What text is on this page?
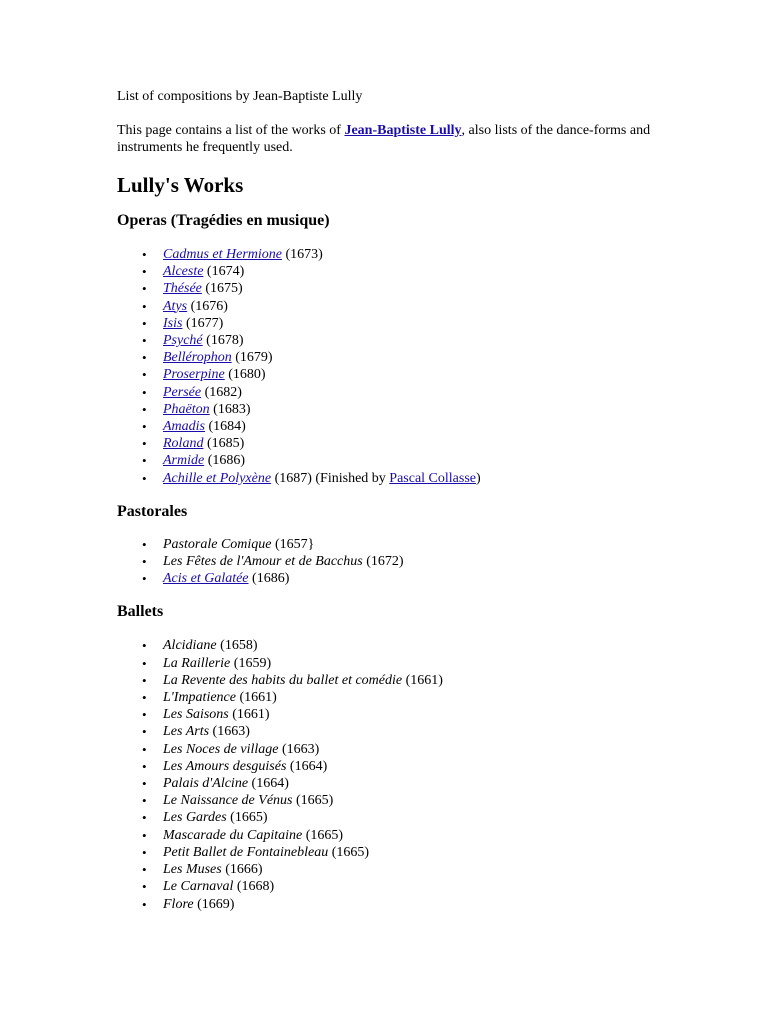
List of compositions by Jean-Baptiste Lully

This page contains a list of the works of Jean-Baptiste Lully, also lists of the dance-forms and instruments he frequently used.

Lully's Works
Operas (Tragédies en musique)
• Cadmus et Hermione (1673)
• Alceste (1674)
• Thésée (1675)
• Atys (1676)
• Isis (1677)
• Psyché (1678)
• Bellérophon (1679)
• Proserpine (1680)
• Persée (1682)
• Phaëton (1683)
• Amadis (1684)
• Roland (1685)
• Armide (1686)
• Achille et Polyxène (1687) (Finished by Pascal Collasse)
Pastorales
• Pastorale Comique (1657}
• Les Fêtes de l'Amour et de Bacchus (1672)
• Acis et Galatée (1686)
Ballets
• Alcidiane (1658)
• La Raillerie (1659)
• La Revente des habits du ballet et comédie (1661)
• L'Impatience (1661)
• Les Saisons (1661)
• Les Arts (1663)
• Les Noces de village (1663)
• Les Amours desguisés (1664)
• Palais d'Alcine (1664)
• Le Naissance de Vénus (1665)
• Les Gardes (1665)
• Mascarade du Capitaine (1665)
• Petit Ballet de Fontainebleau (1665)
• Les Muses (1666)
• Le Carnaval (1668)
• Flore (1669)
